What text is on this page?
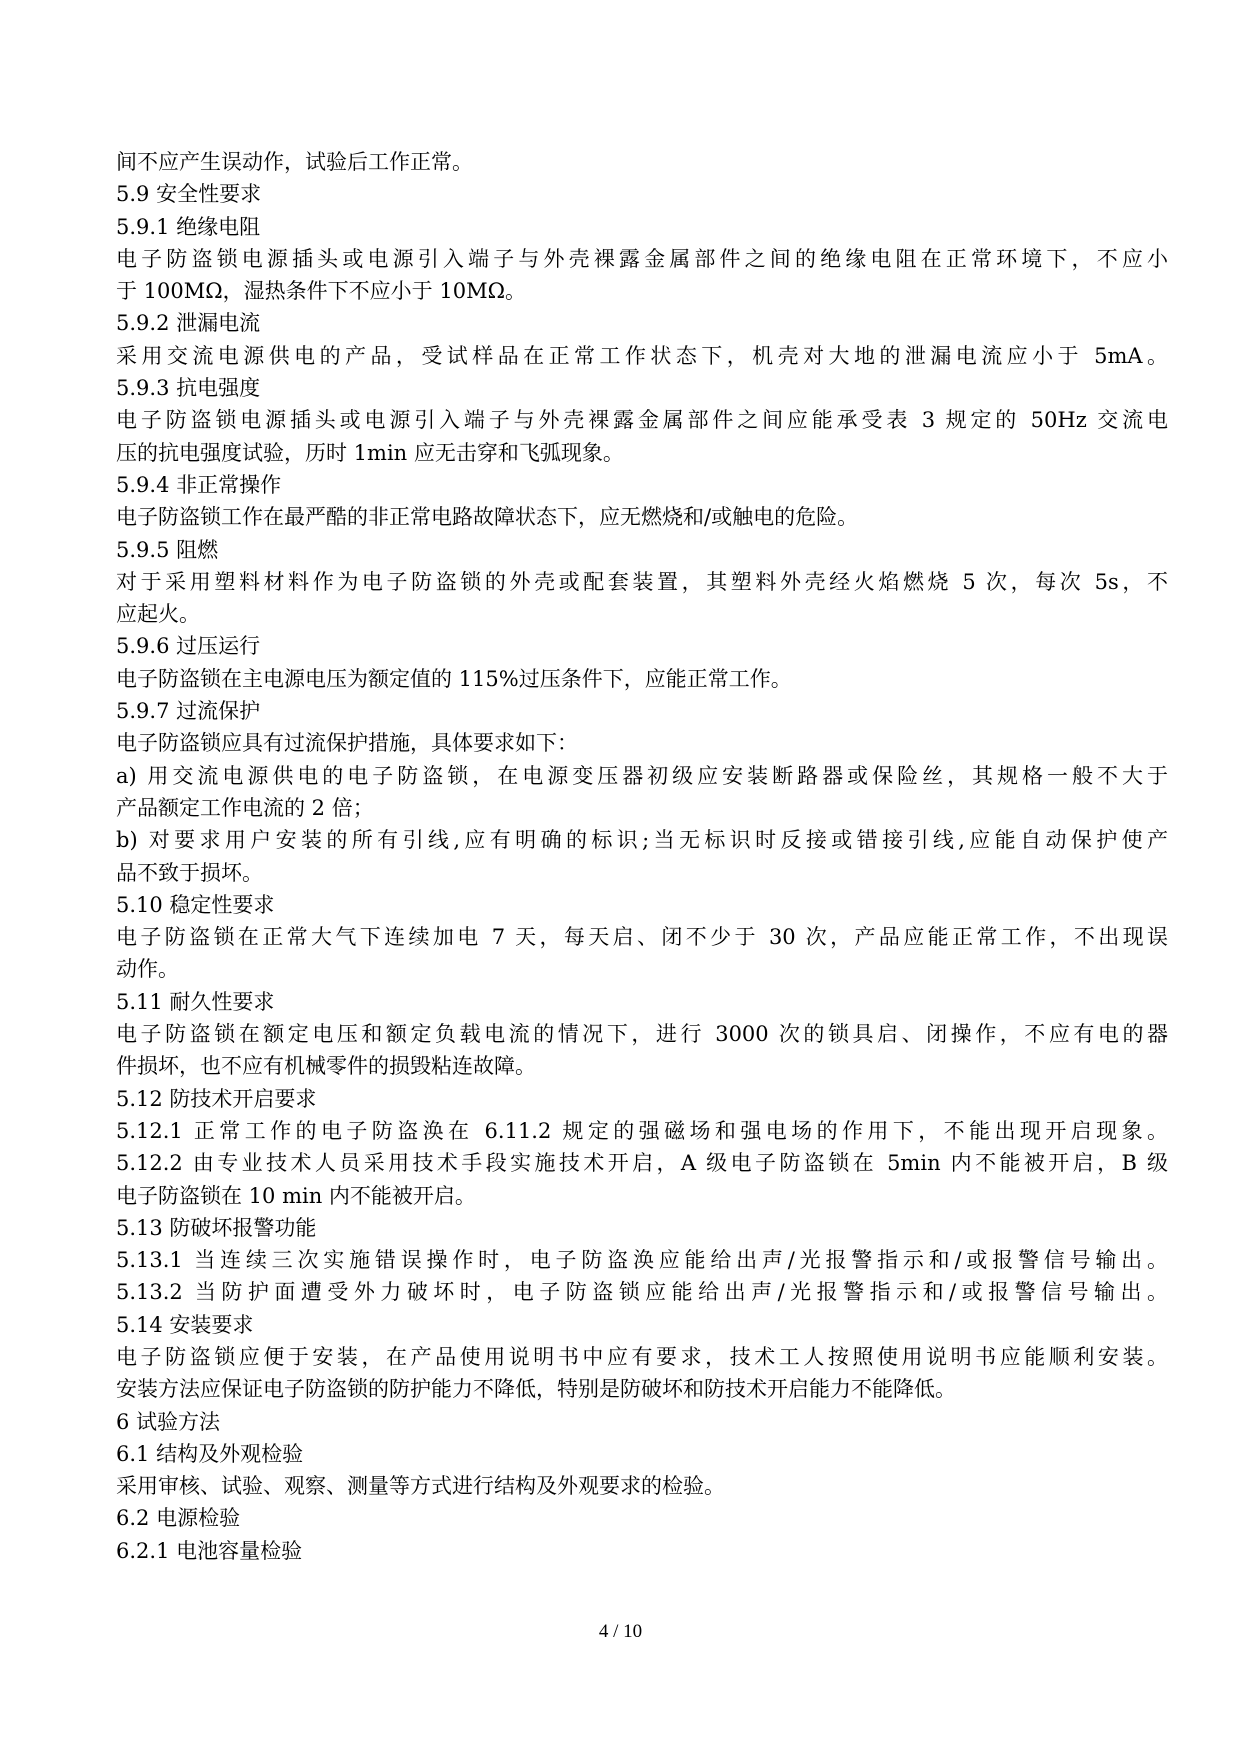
间不应产生误动作，试验后工作正常。
5.9 安全性要求
5.9.1 绝缘电阻
电子防盗锁电源插头或电源引入端子与外壳裸露金属部件之间的绝缘电阻在正常环境下，不应小
于 100MΩ，湿热条件下不应小于 10MΩ。
5.9.2 泄漏电流
采用交流电源供电的产品，受试样品在正常工作状态下，机壳对大地的泄漏电流应小于 5mA。
5.9.3 抗电强度
电子防盗锁电源插头或电源引入端子与外壳裸露金属部件之间应能承受表 3 规定的 50Hz 交流电
压的抗电强度试验，历时 1min 应无击穿和飞弧现象。
5.9.4 非正常操作
电子防盗锁工作在最严酷的非正常电路故障状态下，应无燃烧和/或触电的危险。
5.9.5 阻燃
对于采用塑料材料作为电子防盗锁的外壳或配套装置，其塑料外壳经火焰燃烧 5 次，每次 5s，不
应起火。
5.9.6 过压运行
电子防盗锁在主电源电压为额定值的 115%过压条件下，应能正常工作。
5.9.7 过流保护
电子防盗锁应具有过流保护措施，具体要求如下：
a) 用交流电源供电的电子防盗锁，在电源变压器初级应安装断路器或保险丝，其规格一般不大于
产品额定工作电流的 2 倍；
b) 对要求用户安装的所有引线,应有明确的标识;当无标识时反接或错接引线,应能自动保护使产
品不致于损坏。
5.10 稳定性要求
电子防盗锁在正常大气下连续加电 7 天，每天启、闭不少于 30 次，产品应能正常工作，不出现误
动作。
5.11 耐久性要求
电子防盗锁在额定电压和额定负载电流的情况下，进行 3000 次的锁具启、闭操作，不应有电的器
件损坏，也不应有机械零件的损毁粘连故障。
5.12 防技术开启要求
5.12.1 正常工作的电子防盗涣在 6.11.2 规定的强磁场和强电场的作用下，不能出现开启现象。
5.12.2 由专业技术人员采用技术手段实施技术开启，A 级电子防盗锁在 5min 内不能被开启，B 级
电子防盗锁在 10 min 内不能被开启。
5.13 防破坏报警功能
5.13.1 当连续三次实施错误操作时，电子防盗涣应能给出声/光报警指示和/或报警信号输出。
5.13.2 当防护面遭受外力破坏时，电子防盗锁应能给出声/光报警指示和/或报警信号输出。
5.14 安装要求
电子防盗锁应便于安装，在产品使用说明书中应有要求，技术工人按照使用说明书应能顺利安装。
安装方法应保证电子防盗锁的防护能力不降低，特别是防破坏和防技术开启能力不能降低。
6 试验方法
6.1 结构及外观检验
采用审核、试验、观察、测量等方式进行结构及外观要求的检验。
6.2 电源检验
6.2.1 电池容量检验
4 / 10
